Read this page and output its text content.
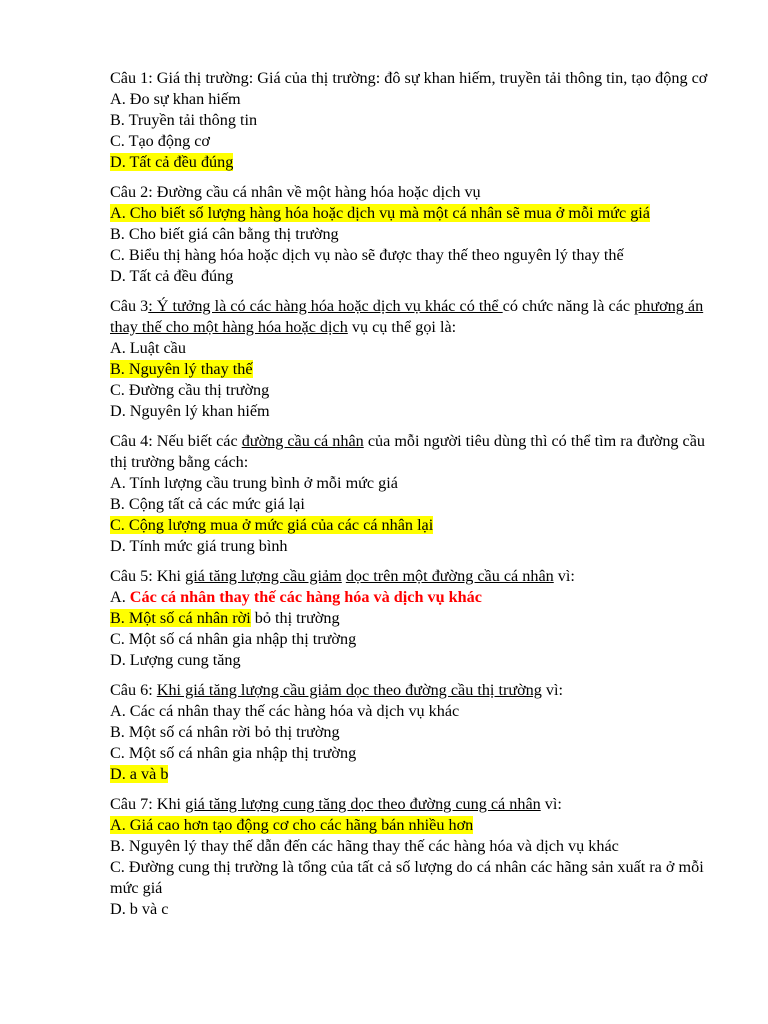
Câu 1: Giá thị trường: Giá của thị trường: đô sự khan hiếm, truyền tải thông tin, tạo động cơ
A. Đo sự khan hiếm
B. Truyền tải thông tin
C. Tạo động cơ
D. Tất cả đều đúng
Câu 2: Đường cầu cá nhân về một hàng hóa hoặc dịch vụ
A. Cho biết số lượng hàng hóa hoặc dịch vụ mà một cá nhân sẽ mua ở mỗi mức giá
B. Cho biết giá cân bằng thị trường
C. Biểu thị hàng hóa hoặc dịch vụ nào sẽ được thay thế theo nguyên lý thay thế
D. Tất cả đều đúng
Câu 3: Ý tưởng là có các hàng hóa hoặc dịch vụ khác có thể có chức năng là các phương án thay thế cho một hàng hóa hoặc dịch vụ cụ thể gọi là:
A. Luật cầu
B. Nguyên lý thay thế
C. Đường cầu thị trường
D. Nguyên lý khan hiếm
Câu 4: Nếu biết các đường cầu cá nhân của mỗi người tiêu dùng thì có thể tìm ra đường cầu thị trường bằng cách:
A. Tính lượng cầu trung bình ở mỗi mức giá
B. Cộng tất cả các mức giá lại
C. Cộng lượng mua ở mức giá của các cá nhân lại
D. Tính mức giá trung bình
Câu 5: Khi giá tăng lượng cầu giảm dọc trên một đường cầu cá nhân vì:
A. Các cá nhân thay thế các hàng hóa và dịch vụ khác
B. Một số cá nhân rời bỏ thị trường
C. Một số cá nhân gia nhập thị trường
D. Lượng cung tăng
Câu 6: Khi giá tăng lượng cầu giảm dọc theo đường cầu thị trường vì:
A. Các cá nhân thay thế các hàng hóa và dịch vụ khác
B. Một số cá nhân rời bỏ thị trường
C. Một số cá nhân gia nhập thị trường
D. a và b
Câu 7: Khi giá tăng lượng cung tăng dọc theo đường cung cá nhân vì:
A. Giá cao hơn tạo động cơ cho các hãng bán nhiều hơn
B. Nguyên lý thay thế dẫn đến các hãng thay thế các hàng hóa và dịch vụ khác
C. Đường cung thị trường là tổng của tất cả số lượng do cá nhân các hãng sản xuất ra ở mỗi mức giá
D. b và c
